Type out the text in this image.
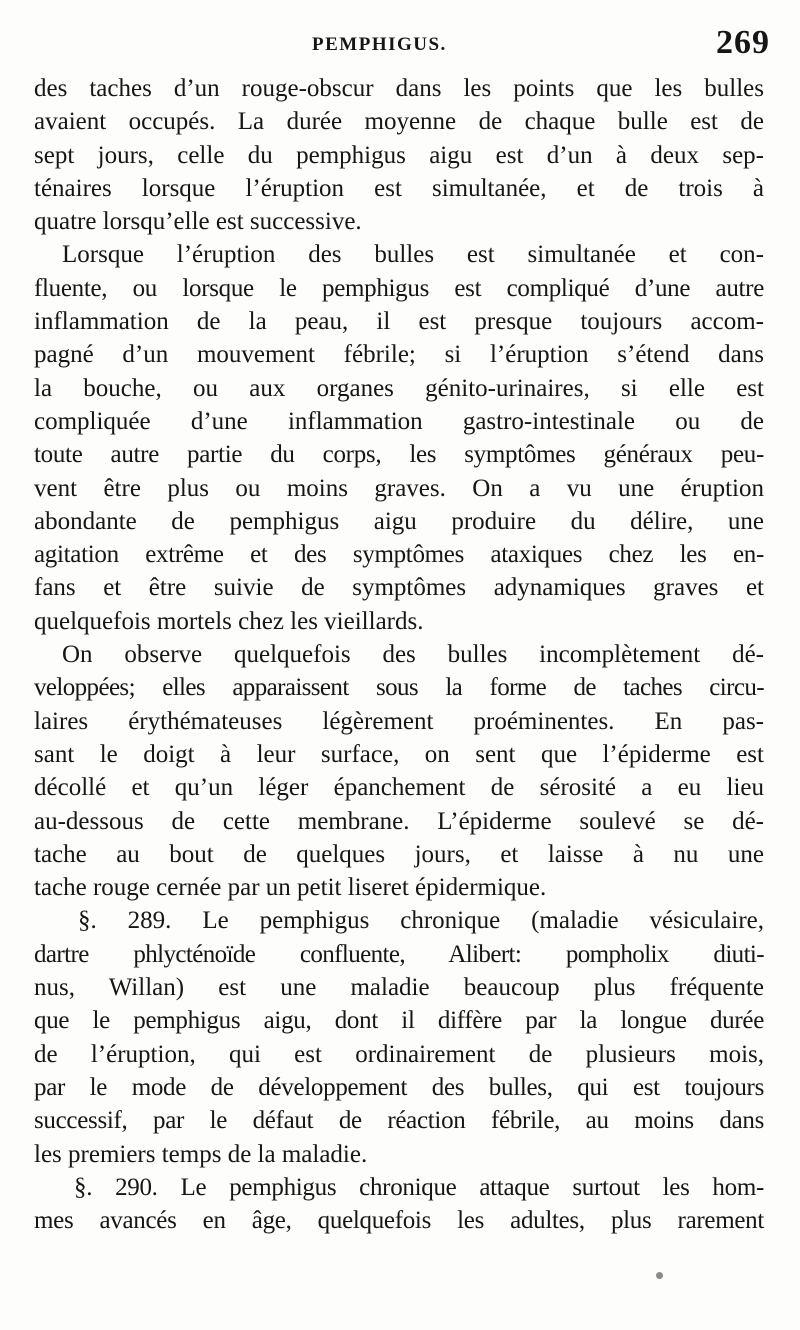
PEMPHIGUS.	269
des taches d’un rouge-obscur dans les points que les bulles
avaient occupés. La durée moyenne de chaque bulle est de
sept jours, celle du pemphigus aigu est d’un à deux sep-
ténaires lorsque l’éruption est simultanée, et de trois à
quatre lorsqu’elle est successive.
Lorsque l’éruption des bulles est simultanée et con-
fluente, ou lorsque le pemphigus est compliqué d’une autre
inflammation de la peau, il est presque toujours accom-
pagné d’un mouvement fébrile; si l’éruption s’étend dans
la bouche, ou aux organes génito-urinaires, si elle est
compliquée d’une inflammation gastro-intestinale ou de
toute autre partie du corps, les symptômes généraux peu-
vent être plus ou moins graves. On a vu une éruption
abondante de pemphigus aigu produire du délire, une
agitation extrême et des symptômes ataxiques chez les en-
fans et être suivie de symptômes adynamiques graves et
quelquefois mortels chez les vieillards.
On observe quelquefois des bulles incomplètement dé-
veloppées; elles apparaissent sous la forme de taches circu-
laires érythémateuses légèrement proéminentes. En pas-
sant le doigt à leur surface, on sent que l’épiderme est
décollé et qu’un léger épanchement de sérosité a eu lieu
au-dessous de cette membrane. L’épiderme soulevé se dé-
tache au bout de quelques jours, et laisse à nu une
tache rouge cernée par un petit liseret épidermique.
§. 289. Le pemphigus chronique (maladie vésiculaire,
dartre phlycténoïde confluente, Alibert: pompholix diuti-
nus, Willan) est une maladie beaucoup plus fréquente
que le pemphigus aigu, dont il diffère par la longue durée
de l’éruption, qui est ordinairement de plusieurs mois,
par le mode de développement des bulles, qui est toujours
successif, par le défaut de réaction fébrile, au moins dans
les premiers temps de la maladie.
§. 290. Le pemphigus chronique attaque surtout les hom-
mes avancés en âge, quelquefois les adultes, plus rarement
